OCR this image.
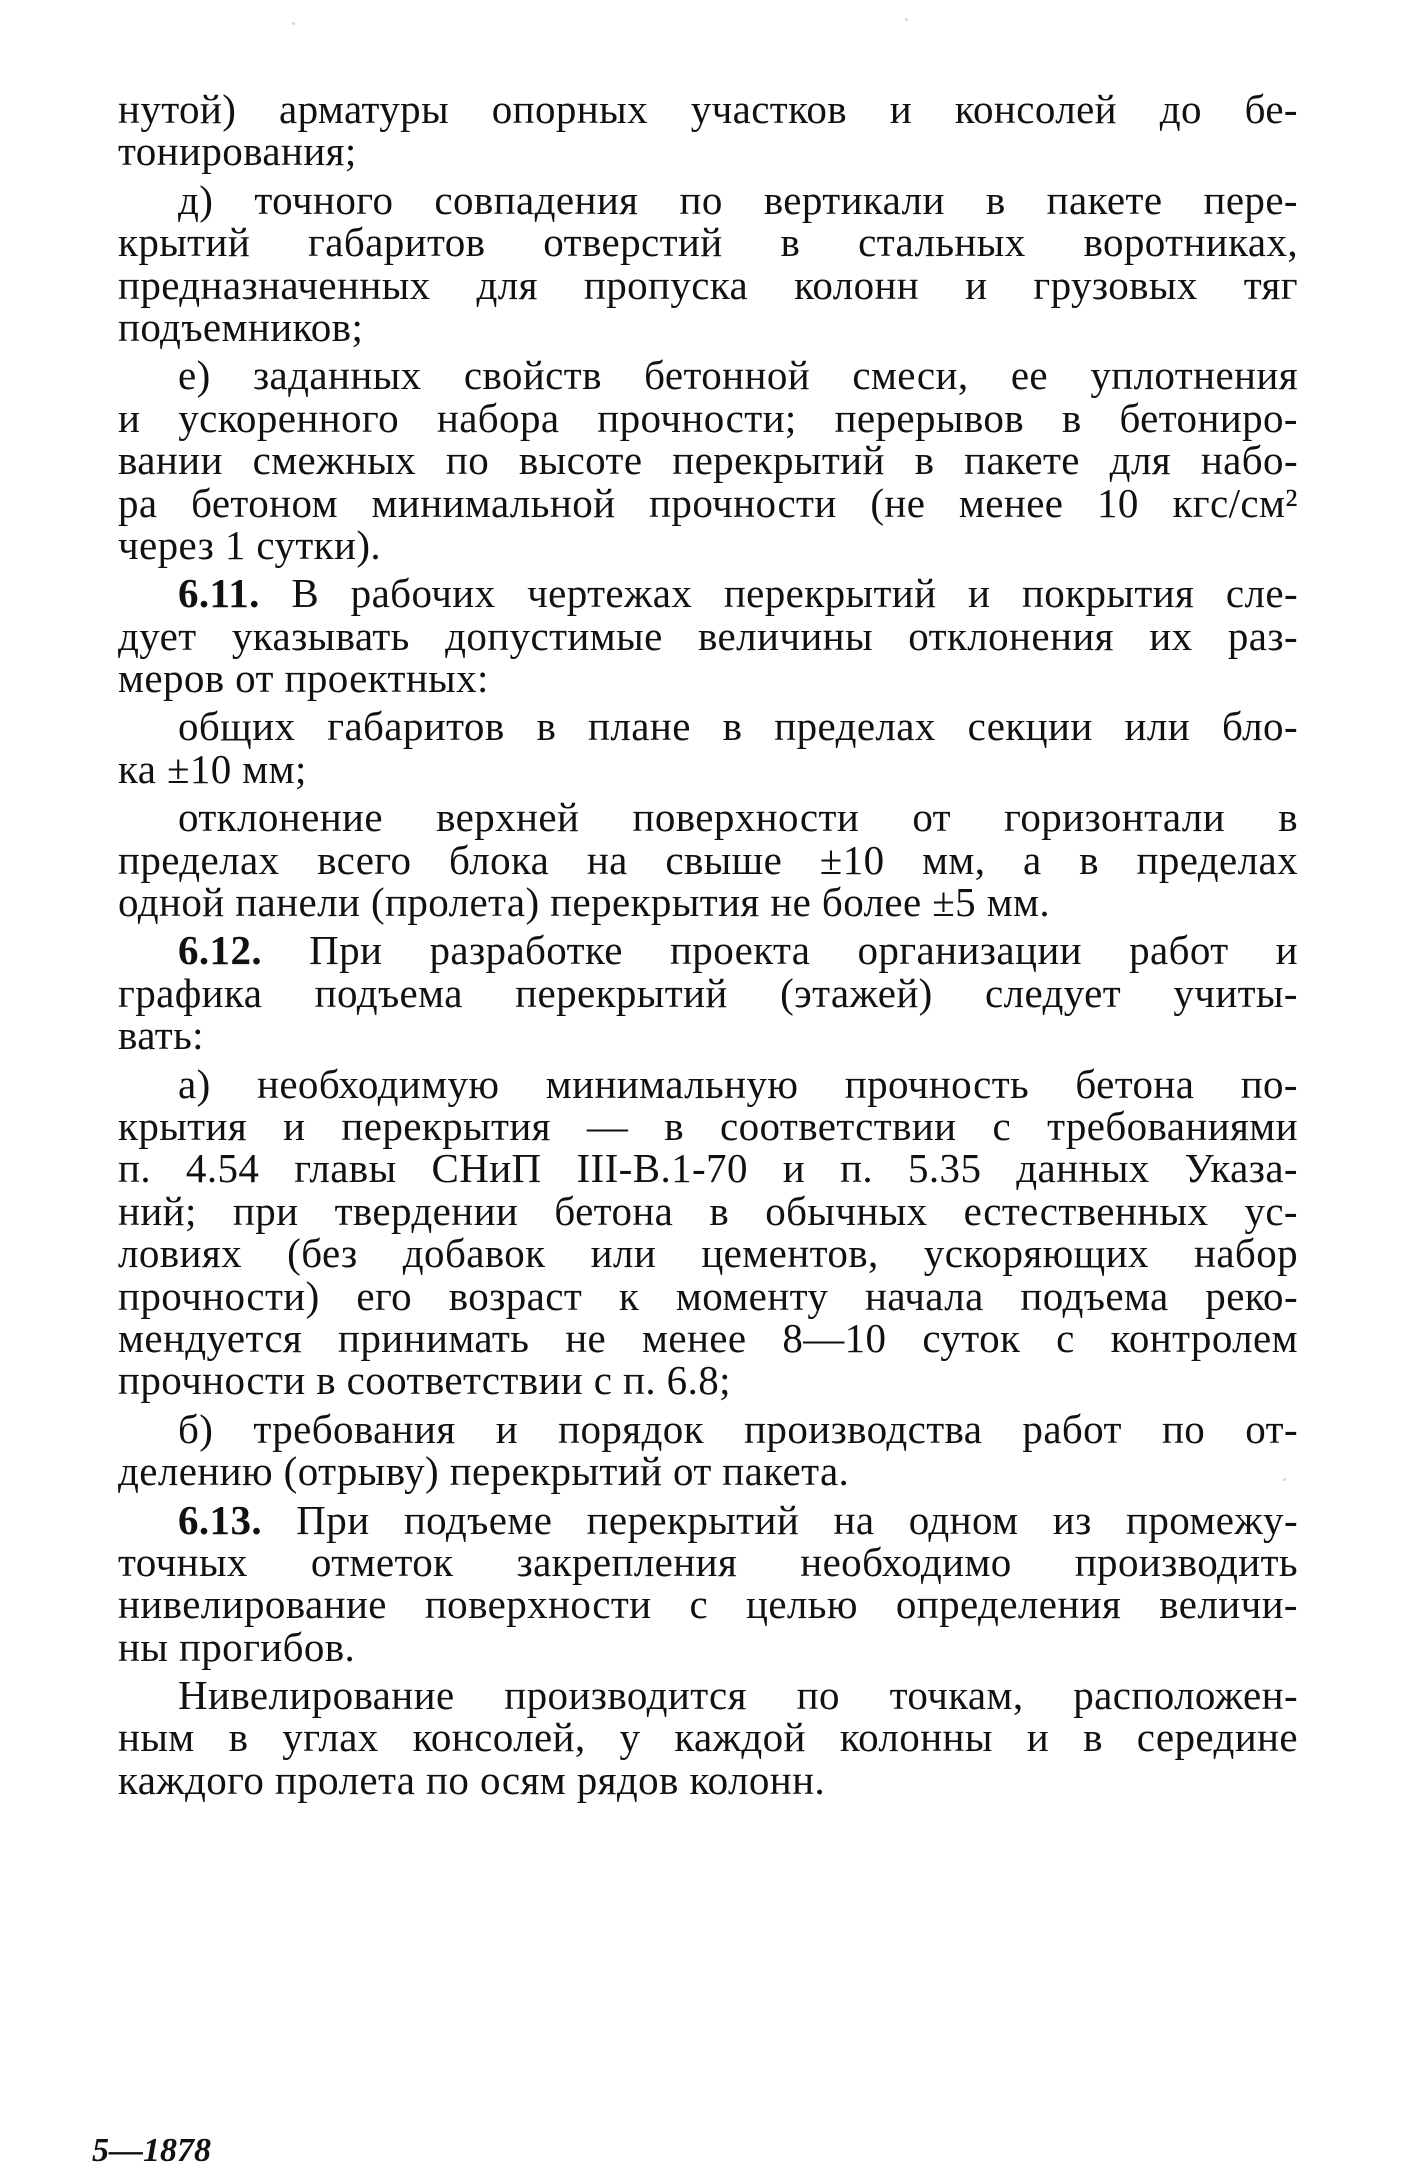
нутой) арматуры опорных участков и консолей до бе-
тонирования;
д) точного совпадения по вертикали в пакете пере-
крытий габаритов отверстий в стальных воротниках,
предназначенных для пропуска колонн и грузовых тяг
подъемников;
е) заданных свойств бетонной смеси, ее уплотнения
и ускоренного набора прочности; перерывов в бетониро-
вании смежных по высоте перекрытий в пакете для набо-
ра бетоном минимальной прочности (не менее 10 кгс/см²
через 1 сутки).
6.11. В рабочих чертежах перекрытий и покрытия сле-
дует указывать допустимые величины отклонения их раз-
меров от проектных:
общих габаритов в плане в пределах секции или бло-
ка ±10 мм;
отклонение верхней поверхности от горизонтали в
пределах всего блока на свыше ±10 мм, а в пределах
одной панели (пролета) перекрытия не более ±5 мм.
6.12. При разработке проекта организации работ и
графика подъема перекрытий (этажей) следует учиты-
вать:
а) необходимую минимальную прочность бетона по-
крытия и перекрытия — в соответствии с требованиями
п. 4.54 главы СНиП III-В.1-70 и п. 5.35 данных Указа-
ний; при твердении бетона в обычных естественных ус-
ловиях (без добавок или цементов, ускоряющих набор
прочности) его возраст к моменту начала подъема реко-
мендуется принимать не менее 8—10 суток с контролем
прочности в соответствии с п. 6.8;
б) требования и порядок производства работ по от-
делению (отрыву) перекрытий от пакета.
6.13. При подъеме перекрытий на одном из промежу-
точных отметок закрепления необходимо производить
нивелирование поверхности с целью определения величи-
ны прогибов.
Нивелирование производится по точкам, расположен-
ным в углах консолей, у каждой колонны и в середине
каждого пролета по осям рядов колонн.
5—1878
